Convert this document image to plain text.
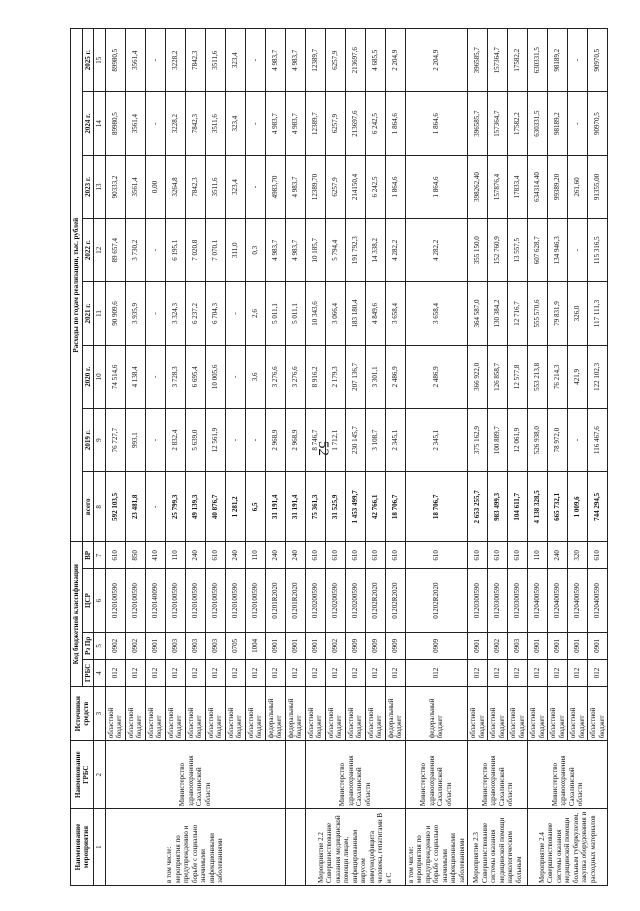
52
Наименование мероприятия	Наименование ГРБС	Источники средств	Код бюджетной классификации				Расходы по годам реализации, тыс. рублей							
			ГРБС	Рз Пр	ЦСР	ВР	всего	2019 г.	2020 г.	2021 г.	2022 г.	2023 г.	2024 г.	2025 г.
1	2	3	4	5	6	7	8	9	10	11	12	13	14	15
в том числе: мероприятия по предупреждению и борьбе с социально значимыми инфекционными заболеваниями	Министерство здравоохранения Сахалинской области	областной бюджет	012	0902	0120100590	610	592 103,5	76 727,7	74 514,6	90 909,6	89 657,4	90333,2	89980,5	89980,5
		областной бюджет	012	0902	0120100590	850	23 481,8	993,1	4 138,4	3 935,9	3 730,2	3561,4	3561,4	3561,4
		областной бюджет	012	0901	0120140090	410	-	-	-	-	-	0,00	-	-
		областной бюджет	012	0903	0120100590	110	25 799,3	2 832,4	3 728,3	3 324,3	6 195,1	3264,8	3228,2	3228,2
		областной бюджет	012	0903	0120100590	240	49 139,3	5 639,0	6 695,4	6 237,2	7 020,8	7842,3	7842,3	7842,3
		областной бюджет	012	0903	0120100590	610	40 876,7	12 561,9	10 005,6	6 704,3	7 070,1	3511,6	3511,6	3511,6
		областной бюджет	012	0705	0120100590	240	1 281,2	-	-	-	311,0	323,4	323,4	323,4
		областной бюджет	012	1004	0120100590	110	6,5	-	3,6	2,6	0,3	-	-	-
		федеральный бюджет	012	0901	01201R2020	240	31 191,4	2 968,9	3 276,6	5 011,1	4 983,7	4983,70	4 983,7	4 983,7
		федеральный бюджет	012	0901	01201R2020	240	31 191,4	2 968,9	3 276,6	5 011,1	4 983,7	4 983,7	4 983,7	4 983,7
Мероприятие 2.2 Совершенствование оказания медицинской помощи лицам, инфицированным вирусом иммунодефицита человека, гепатитами B и C	Министерство здравоохранения Сахалинской области	областной бюджет	012	0901	0120200590	610	75 361,3	8 746,7	8 916,2	10 343,6	10 185,7	12389,70	12389,7	12389,7
		областной бюджет	012	0902	0120200590	610	31 525,9	1 712,1	2 179,3	3 066,4	5 794,4	6257,9	6257,9	6257,9
		областной бюджет	012	0909	0120200590	610	1 453 499,7	230 145,7	207 136,7	183 180,4	191 792,3	214150,4	213697,6	213697,6
		областной бюджет	012	0909	01202R2020	610	42 766,1	3 108,7	3 301,1	4 849,6	14 338,2	6 242,5	6 242,5	4 685,5
		федеральный бюджет	012	0909	01202R2020	610	18 706,7	2 345,1	2 486,9	3 658,4	4 282,2	1 864,6	1 864,6	2 204,9
в том числе: мероприятия по предупреждению и борьбе с социально значимыми инфекционными заболеваниями	Министерство здравоохранения Сахалинской области	федеральный бюджет	012	0909	01202R2020	610	18 706,7	2 345,1	2 486,9	3 658,4	4 282,2	1 864,6	1 864,6	2 204,9
Мероприятие 2.3 Совершенствование системы оказания медицинской помощи наркологическим больным	Министерство здравоохранения Сахалинской области	областной бюджет	012	0901	0120300590	610	2 653 255,7	375 162,9	366 922,0	364 587,0	355 150,0	398262,40	396585,7	396585,7
		областной бюджет	012	0902	0120300590	610	983 499,3	100 889,7	126 858,7	130 384,2	152 760,9	157876,4	157364,7	157364,7
		областной бюджет	012	0903	0120300590	610	104 611,7	12 061,9	12 577,8	12 716,7	13 557,5	17833,4	17582,2	17582,2
Мероприятие 2.4 Совершенствование системы оказания медицинской помощи больным туберкулезом, закупка оборудования и расходных материалов	Министерство здравоохранения Сахалинской области	областной бюджет	012	0901	0120400590	110	4 138 328,5	526 938,0	553 213,8	555 570,6	607 628,7	634314,40	630331,5	630331,5
		областной бюджет	012	0901	0120400590	240	665 732,1	78 972,0	76 214,3	79 831,9	134 946,3	99389,20	98189,2	98189,2
		областной бюджет	012	0901	0120400590	320	1 009,6	-	421,9	326,0	-	261,60	-	-
		областной бюджет	012	0901	0120400590	610	744 294,5	116 467,6	122 102,3	117 111,3	115 316,5	91355,00	90970,5	90970,5
